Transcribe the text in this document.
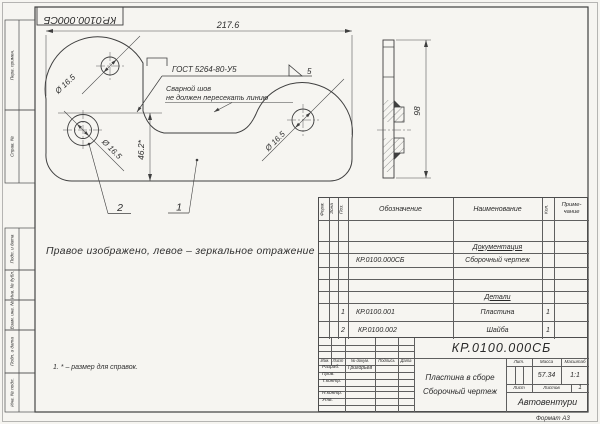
Перв. примен.
Справ. №
Подп. и дата
Инв. № дубл.
Взам. инв. №
Подп. и дата
Инв. № подл.
КР.0100.000СБ	217.6
46.2*
98
Ø 16.5
Ø 16.5	Ø 16.5
ГОСТ 5264-80-У5	5
Сварной шов
не должен пересекать линию
2	1
Правое изображено, левое – зеркальное отражение
1. * – размер для справок.
Формат А3
Форм. Зона Поз.	Обозначение	Наименование	Кол.	Приме-
чание
Документация
КР.0100.000СБ	Сборочный чертеж
Детали
1	КР.0100.001	Пластина	1
2	КР.0100.002	Шайба	1
КР.0100.000СБ
Изм. Лист	№ докум.	Подпись	Дата
Разраб.	Григорьев
Пров.
Т.контр.
Н.контр.
Утв.
Пластина в сборе
Сборочный чертеж
Лит.	Масса	Масштаб
57.34	1:1
Лист	Листов	1
Автовентури
